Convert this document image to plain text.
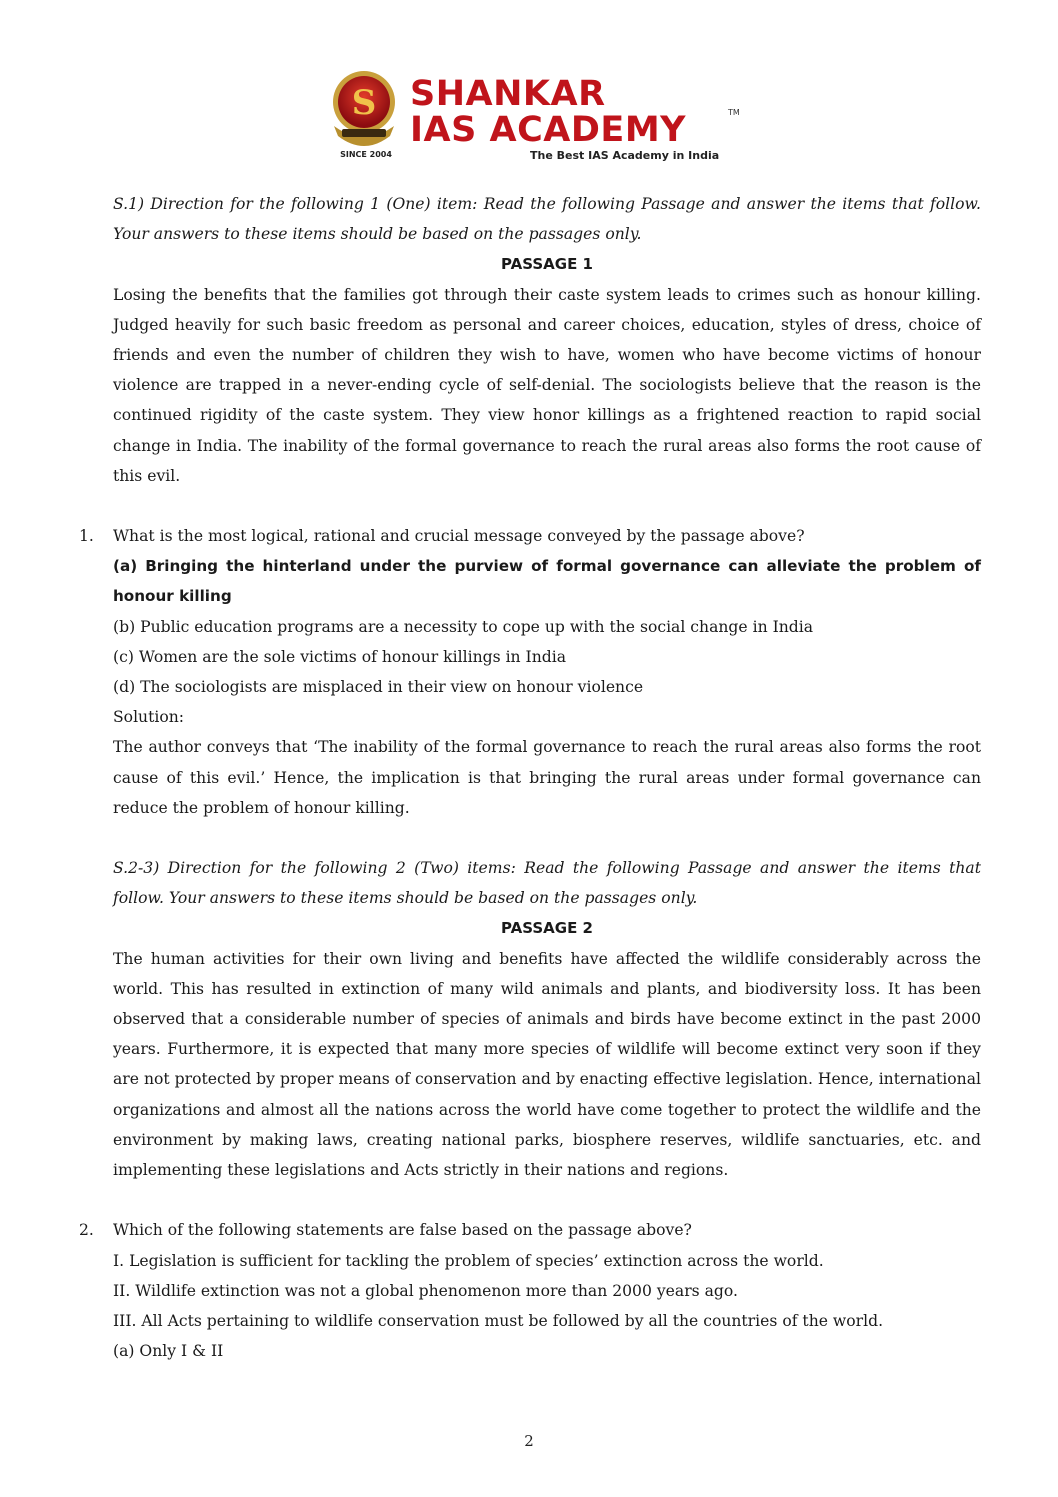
S SHANKAR
IAS ACADEMY	TM
SINCE 2004	The Best IAS Academy in India

S.1) Direction for the following 1 (One) item: Read the following Passage and answer the items that follow. Your answers to these items should be based on the passages only.

PASSAGE 1

Losing the benefits that the families got through their caste system leads to crimes such as honour killing. Judged heavily for such basic freedom as personal and career choices, education, styles of dress, choice of friends and even the number of children they wish to have, women who have become victims of honour violence are trapped in a never-ending cycle of self-denial. The sociologists believe that the reason is the continued rigidity of the caste system. They view honor killings as a frightened reaction to rapid social change in India. The inability of the formal governance to reach the rural areas also forms the root cause of this evil.

1. What is the most logical, rational and crucial message conveyed by the passage above?

(a) Bringing the hinterland under the purview of formal governance can alleviate the problem of honour killing

(b) Public education programs are a necessity to cope up with the social change in India

(c) Women are the sole victims of honour killings in India

(d) The sociologists are misplaced in their view on honour violence

Solution:

The author conveys that ‘The inability of the formal governance to reach the rural areas also forms the root cause of this evil.’ Hence, the implication is that bringing the rural areas under formal governance can reduce the problem of honour killing.

S.2-3) Direction for the following 2 (Two) items: Read the following Passage and answer the items that follow. Your answers to these items should be based on the passages only.

PASSAGE 2

The human activities for their own living and benefits have affected the wildlife considerably across the world. This has resulted in extinction of many wild animals and plants, and biodiversity loss. It has been observed that a considerable number of species of animals and birds have become extinct in the past 2000 years. Furthermore, it is expected that many more species of wildlife will become extinct very soon if they are not protected by proper means of conservation and by enacting effective legislation. Hence, international organizations and almost all the nations across the world have come together to protect the wildlife and the environment by making laws, creating national parks, biosphere reserves, wildlife sanctuaries, etc. and implementing these legislations and Acts strictly in their nations and regions.

2. Which of the following statements are false based on the passage above?

I. Legislation is sufficient for tackling the problem of species’ extinction across the world.

II. Wildlife extinction was not a global phenomenon more than 2000 years ago.

III. All Acts pertaining to wildlife conservation must be followed by all the countries of the world.

(a) Only I & II

2
